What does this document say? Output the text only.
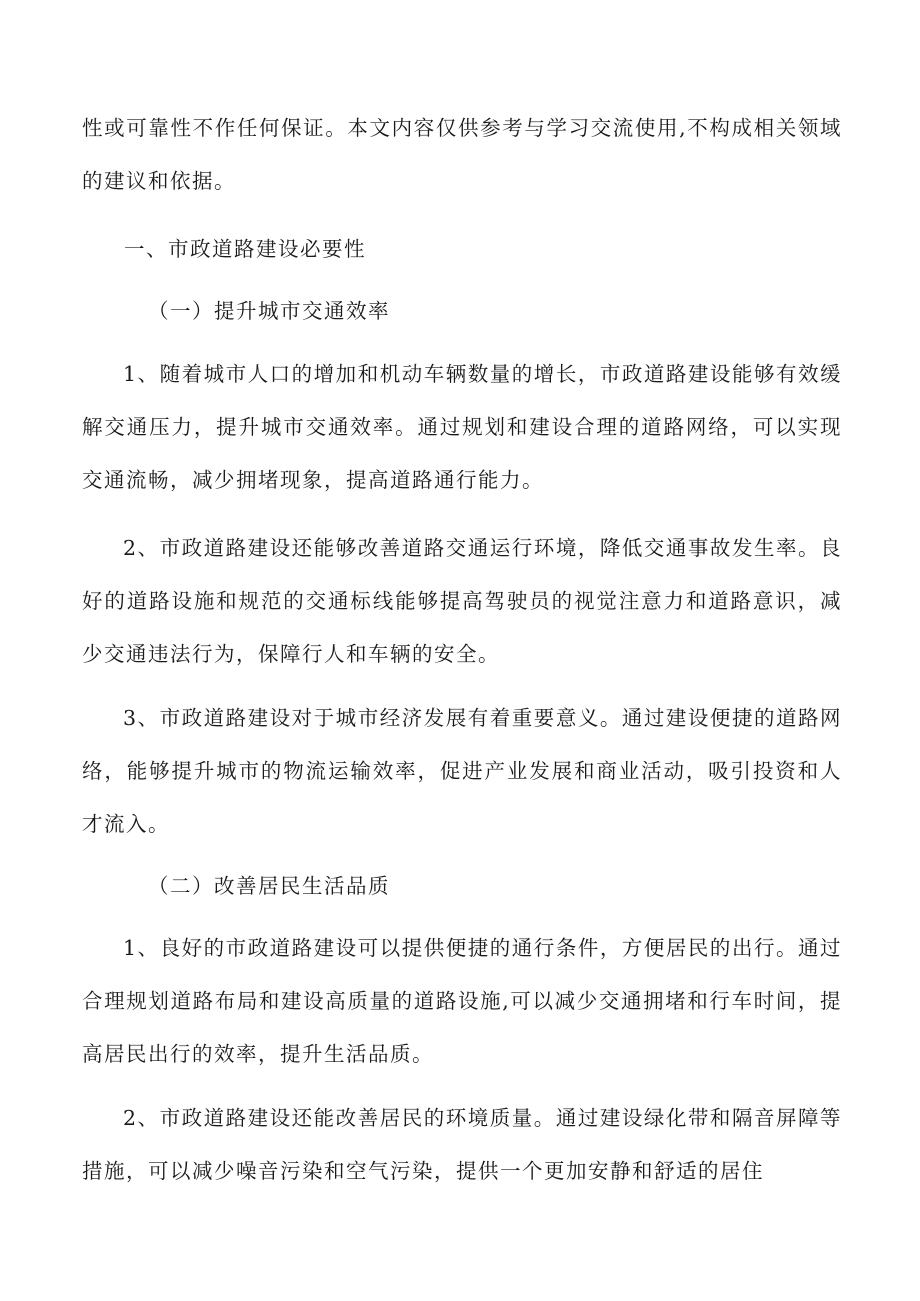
性或可靠性不作任何保证。本文内容仅供参考与学习交流使用,不构成相关领域的建议和依据。

一、市政道路建设必要性

（一）提升城市交通效率

1、随着城市人口的增加和机动车辆数量的增长，市政道路建设能够有效缓解交通压力，提升城市交通效率。通过规划和建设合理的道路网络，可以实现交通流畅，减少拥堵现象，提高道路通行能力。

2、市政道路建设还能够改善道路交通运行环境，降低交通事故发生率。良好的道路设施和规范的交通标线能够提高驾驶员的视觉注意力和道路意识，减少交通违法行为，保障行人和车辆的安全。

3、市政道路建设对于城市经济发展有着重要意义。通过建设便捷的道路网络，能够提升城市的物流运输效率，促进产业发展和商业活动，吸引投资和人才流入。

（二）改善居民生活品质

1、良好的市政道路建设可以提供便捷的通行条件，方便居民的出行。通过合理规划道路布局和建设高质量的道路设施,可以减少交通拥堵和行车时间，提高居民出行的效率，提升生活品质。

2、市政道路建设还能改善居民的环境质量。通过建设绿化带和隔音屏障等措施，可以减少噪音污染和空气污染，提供一个更加安静和舒适的居住
